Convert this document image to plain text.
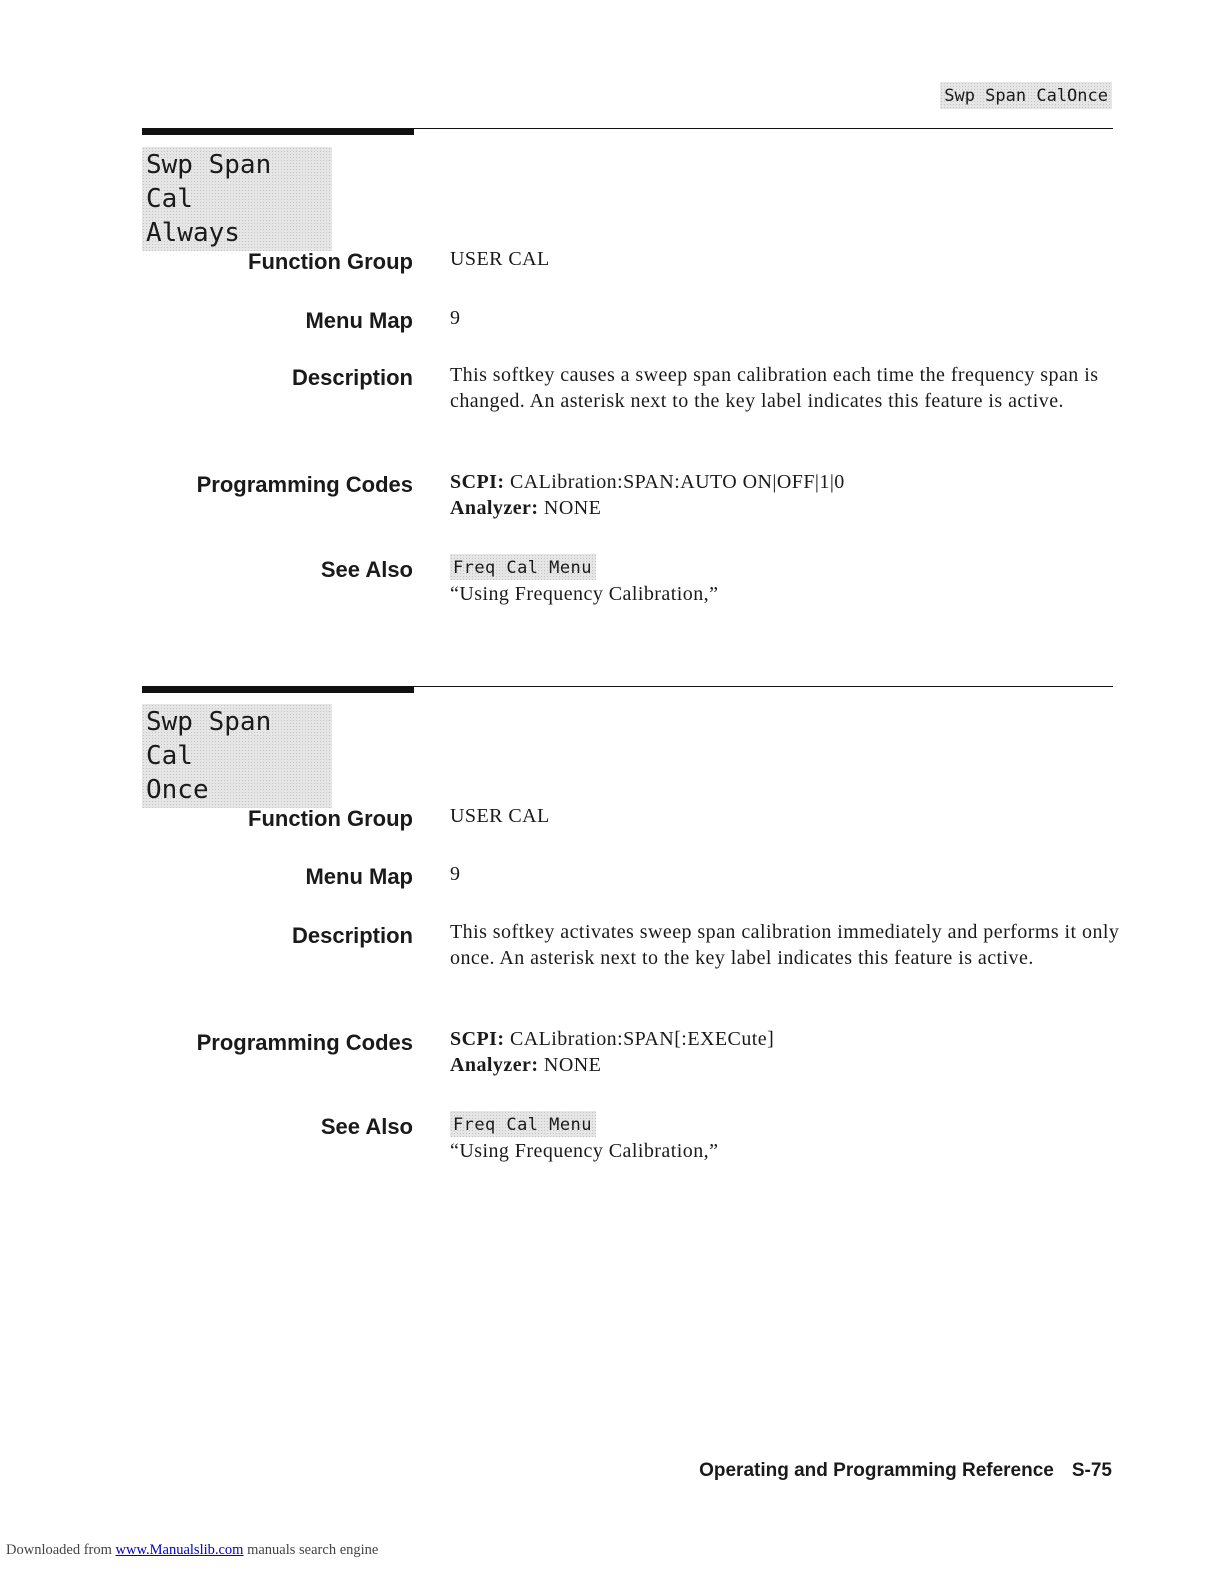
Swp Span CalOnce
Swp Span Cal
Always
Function Group USER CAL
Menu Map 9
Description This softkey causes a sweep span calibration each time the frequency span is changed. An asterisk next to the key label indicates this feature is active.
Programming Codes SCPI: CALibration:SPAN:AUTO ON|OFF|1|0
Analyzer: NONE
See Also Freq Cal Menu
“Using Frequency Calibration,”
Swp Span Cal
Once
Function Group USER CAL
Menu Map 9
Description This softkey activates sweep span calibration immediately and performs it only once. An asterisk next to the key label indicates this feature is active.
Programming Codes SCPI: CALibration:SPAN[:EXECute]
Analyzer: NONE
See Also Freq Cal Menu
“Using Frequency Calibration,”
Operating and Programming Reference S-75
Downloaded from www.Manualslib.com manuals search engine
